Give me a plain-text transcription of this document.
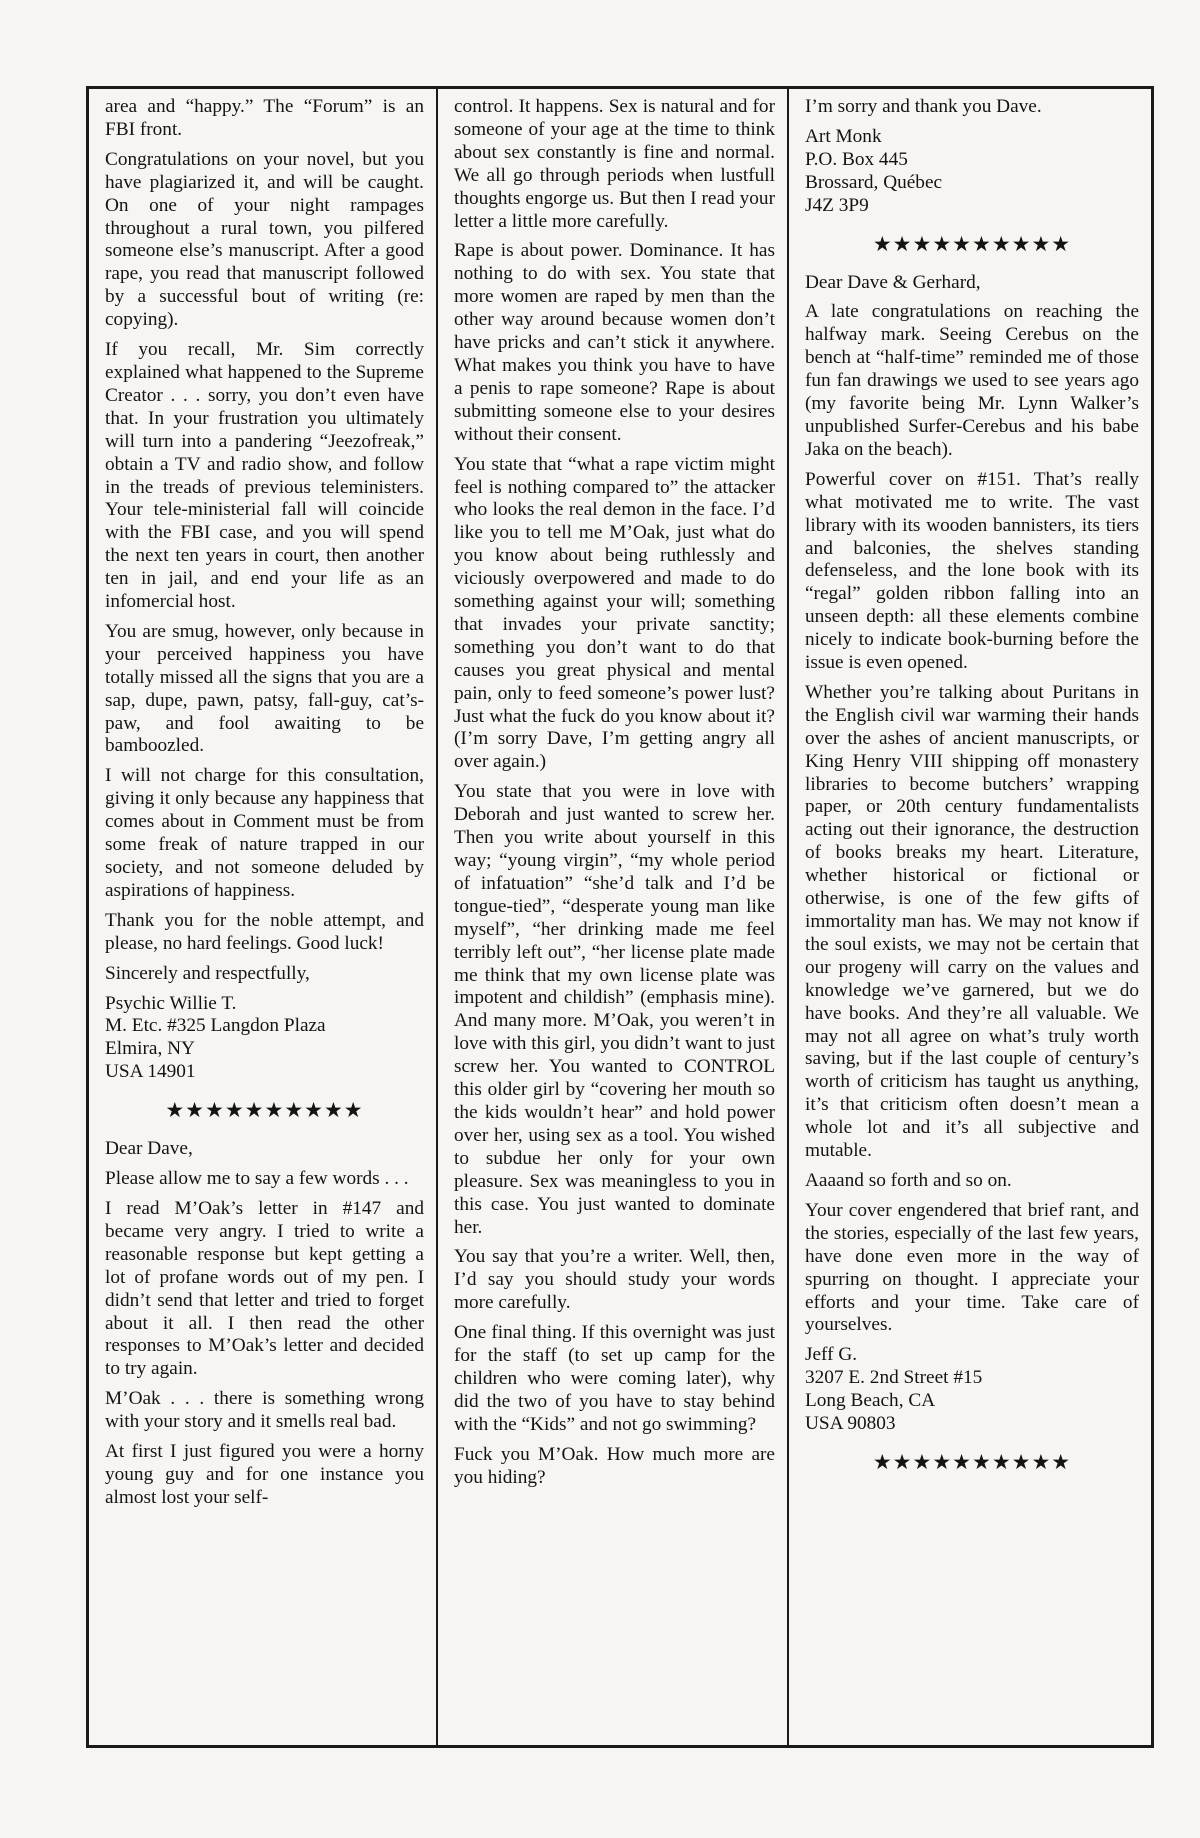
area and “happy.” The “Forum” is an FBI front.

Congratulations on your novel, but you have plagiarized it, and will be caught. On one of your night rampages throughout a rural town, you pilfered someone else’s manuscript. After a good rape, you read that manuscript followed by a successful bout of writing (re: copying).

If you recall, Mr. Sim correctly explained what happened to the Supreme Creator . . . sorry, you don’t even have that. In your frustration you ultimately will turn into a pandering “Jeezofreak,” obtain a TV and radio show, and follow in the treads of previous teleministers. Your tele-ministerial fall will coincide with the FBI case, and you will spend the next ten years in court, then another ten in jail, and end your life as an infomercial host.

You are smug, however, only because in your perceived happiness you have totally missed all the signs that you are a sap, dupe, pawn, patsy, fall-guy, cat’s-paw, and fool awaiting to be bamboozled.

I will not charge for this consultation, giving it only because any happiness that comes about in Comment must be from some freak of nature trapped in our society, and not someone deluded by aspirations of happiness.

Thank you for the noble attempt, and please, no hard feelings. Good luck!

Sincerely and respectfully,

Psychic Willie T.
M. Etc. #325 Langdon Plaza
Elmira, NY
USA 14901

★★★★★★★★★★

Dear Dave,

Please allow me to say a few words . . .

I read M’Oak’s letter in #147 and became very angry. I tried to write a reasonable response but kept getting a lot of profane words out of my pen. I didn’t send that letter and tried to forget about it all. I then read the other responses to M’Oak’s letter and decided to try again.

M’Oak . . . there is something wrong with your story and it smells real bad.

At first I just figured you were a horny young guy and for one instance you almost lost your self-

control. It happens. Sex is natural and for someone of your age at the time to think about sex constantly is fine and normal. We all go through periods when lustfull thoughts engorge us. But then I read your letter a little more carefully.

Rape is about power. Dominance. It has nothing to do with sex. You state that more women are raped by men than the other way around because women don’t have pricks and can’t stick it anywhere. What makes you think you have to have a penis to rape someone? Rape is about submitting someone else to your desires without their consent.

You state that “what a rape victim might feel is nothing compared to” the attacker who looks the real demon in the face. I’d like you to tell me M’Oak, just what do you know about being ruthlessly and viciously overpowered and made to do something against your will; something that invades your private sanctity; something you don’t want to do that causes you great physical and mental pain, only to feed someone’s power lust? Just what the fuck do you know about it? (I’m sorry Dave, I’m getting angry all over again.)

You state that you were in love with Deborah and just wanted to screw her. Then you write about yourself in this way; “young virgin”, “my whole period of infatuation” “she’d talk and I’d be tongue-tied”, “desperate young man like myself”, “her drinking made me feel terribly left out”, “her license plate made me think that my own license plate was impotent and childish” (emphasis mine). And many more. M’Oak, you weren’t in love with this girl, you didn’t want to just screw her. You wanted to CONTROL this older girl by “covering her mouth so the kids wouldn’t hear” and hold power over her, using sex as a tool. You wished to subdue her only for your own pleasure. Sex was meaningless to you in this case. You just wanted to dominate her.

You say that you’re a writer. Well, then, I’d say you should study your words more carefully.

One final thing. If this overnight was just for the staff (to set up camp for the children who were coming later), why did the two of you have to stay behind with the “Kids” and not go swimming?

Fuck you M’Oak. How much more are you hiding?

I’m sorry and thank you Dave.

Art Monk
P.O. Box 445
Brossard, Québec
J4Z 3P9

★★★★★★★★★★

Dear Dave & Gerhard,

A late congratulations on reaching the halfway mark. Seeing Cerebus on the bench at “half-time” reminded me of those fun fan drawings we used to see years ago (my favorite being Mr. Lynn Walker’s unpublished Surfer-Cerebus and his babe Jaka on the beach).

Powerful cover on #151. That’s really what motivated me to write. The vast library with its wooden bannisters, its tiers and balconies, the shelves standing defenseless, and the lone book with its “regal” golden ribbon falling into an unseen depth: all these elements combine nicely to indicate book-burning before the issue is even opened.

Whether you’re talking about Puritans in the English civil war warming their hands over the ashes of ancient manuscripts, or King Henry VIII shipping off monastery libraries to become butchers’ wrapping paper, or 20th century fundamentalists acting out their ignorance, the destruction of books breaks my heart. Literature, whether historical or fictional or otherwise, is one of the few gifts of immortality man has. We may not know if the soul exists, we may not be certain that our progeny will carry on the values and knowledge we’ve garnered, but we do have books. And they’re all valuable. We may not all agree on what’s truly worth saving, but if the last couple of century’s worth of criticism has taught us anything, it’s that criticism often doesn’t mean a whole lot and it’s all subjective and mutable.

Aaaand so forth and so on.

Your cover engendered that brief rant, and the stories, especially of the last few years, have done even more in the way of spurring on thought. I appreciate your efforts and your time. Take care of yourselves.

Jeff G.
3207 E. 2nd Street #15
Long Beach, CA
USA 90803

★★★★★★★★★★
